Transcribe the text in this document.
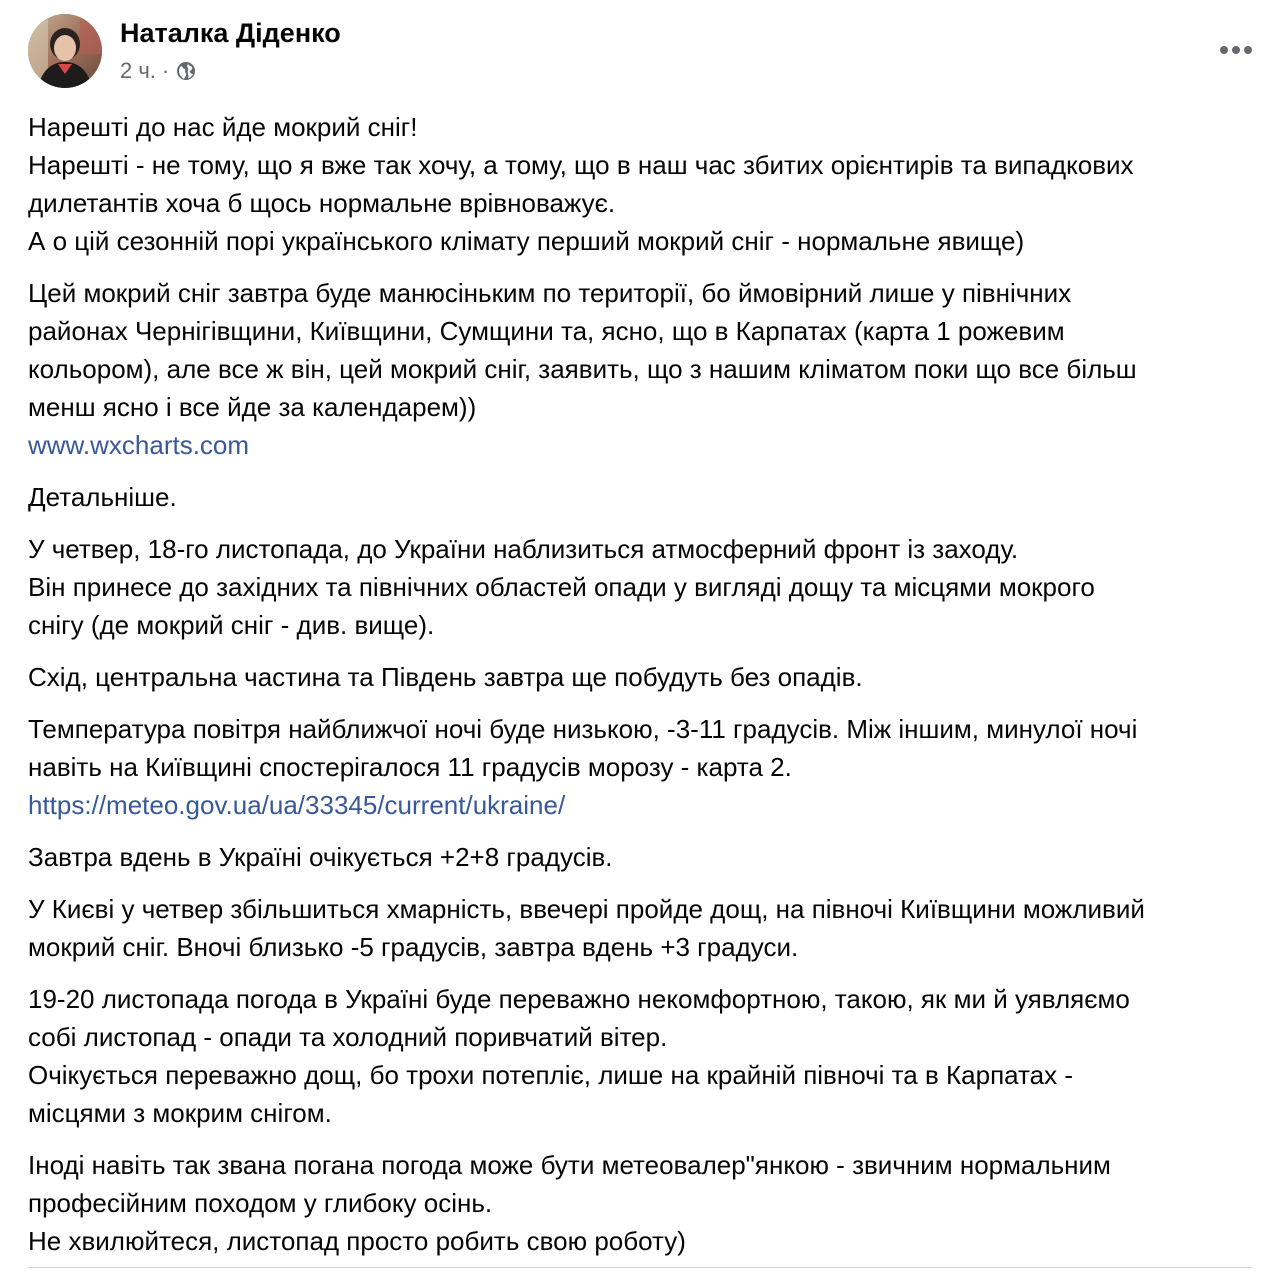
Наталка Діденко
2 ч. ·
Нарешті до нас йде мокрий сніг!
Нарешті - не тому, що я вже так хочу, а тому, що в наш час збитих орієнтирів та випадкових
дилетантів хоча б щось нормальне врівноважує.
А о цій сезонній порі українського клімату перший мокрий сніг - нормальне явище)
Цей мокрий сніг завтра буде манюсіньким по території, бо ймовірний лише у північних
районах Чернігівщини, Київщини, Сумщини та, ясно, що в Карпатах (карта 1 рожевим
кольором), але все ж він, цей мокрий сніг, заявить, що з нашим кліматом поки що все більш
менш ясно і все йде за календарем))
www.wxcharts.com
Детальніше.
У четвер, 18-го листопада, до України наблизиться атмосферний фронт із заходу.
Він принесе до західних та північних областей опади у вигляді дощу та місцями мокрого
снігу (де мокрий сніг - див. вище).
Схід, центральна частина та Південь завтра ще побудуть без опадів.
Температура повітря найближчої ночі буде низькою, -3-11 градусів. Між іншим, минулої ночі
навіть на Київщині спостерігалося 11 градусів морозу - карта 2.
https://meteo.gov.ua/ua/33345/current/ukraine/
Завтра вдень в Україні очікується +2+8 градусів.
У Києві у четвер збільшиться хмарність, ввечері пройде дощ, на півночі Київщини можливий
мокрий сніг. Вночі близько -5 градусів, завтра вдень +3 градуси.
19-20 листопада погода в Україні буде переважно некомфортною, такою, як ми й уявляємо
собі листопад - опади та холодний поривчатий вітер.
Очікується переважно дощ, бо трохи потепліє, лише на крайній півночі та в Карпатах -
місцями з мокрим снігом.
Іноді навіть так звана погана погода може бути метеовалер"янкою - звичним нормальним
професійним походом у глибоку осінь.
Не хвилюйтеся, листопад просто робить свою роботу)
